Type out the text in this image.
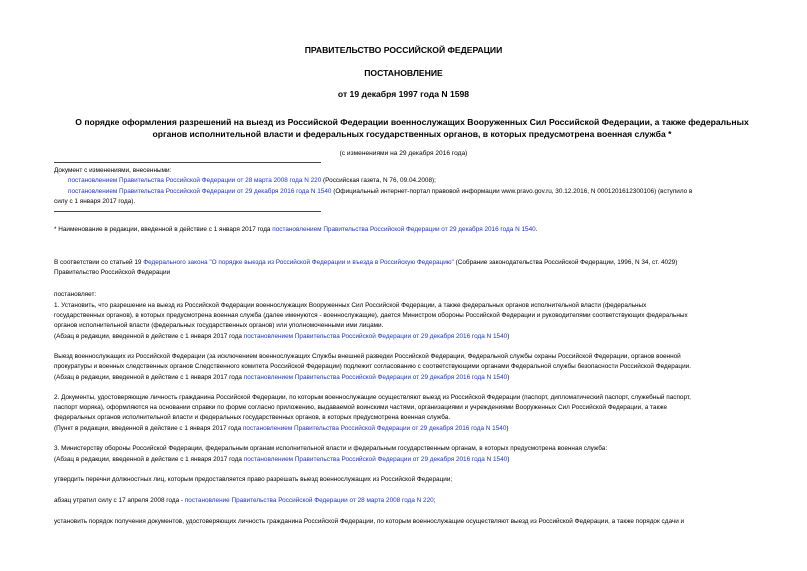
ПРАВИТЕЛЬСТВО РОССИЙСКОЙ ФЕДЕРАЦИИ
ПОСТАНОВЛЕНИЕ
от 19 декабря 1997 года N 1598
О порядке оформления разрешений на выезд из Российской Федерации военнослужащих Вооруженных Сил Российской Федерации, а также федеральных
органов исполнительной власти и федеральных государственных органов, в которых предусмотрена военная служба *
(с изменениями на 29 декабря 2016 года)
Документ с изменениями, внесенными:
постановлением Правительства Российской Федерации от 28 марта 2008 года N 220 (Российская газета, N 76, 09.04.2008);
постановлением Правительства Российской Федерации от 29 декабря 2016 года N 1540 (Официальный интернет-портал правовой информации www.pravo.gov.ru, 30.12.2016, N 0001201612300106) (вступило в
силу с 1 января 2017 года).
* Наименование в редакции, введенной в действие с 1 января 2017 года постановлением Правительства Российской Федерации от 29 декабря 2016 года N 1540.
В соответствии со статьей 19 Федерального закона "О порядке выезда из Российской Федерации и въезда в Российскую Федерацию" (Собрание законодательства Российской Федерации, 1996, N 34, ст. 4029)
Правительство Российской Федерации
постановляет:
1. Установить, что разрешение на выезд из Российской Федерации военнослужащих Вооруженных Сил Российской Федерации, а также федеральных органов исполнительной власти (федеральных
государственных органов), в которых предусмотрена военная служба (далее именуются - военнослужащие), дается Министром обороны Российской Федерации и руководителями соответствующих федеральных
органов исполнительной власти (федеральных государственных органов) или уполномоченными ими лицами.
(Абзац в редакции, введенной в действие с 1 января 2017 года постановлением Правительства Российской Федерации от 29 декабря 2016 года N 1540)
Выезд военнослужащих из Российской Федерации (за исключением военнослужащих Службы внешней разведки Российской Федерации, Федеральной службы охраны Российской Федерации, органов военной
прокуратуры и военных следственных органов Следственного комитета Российской Федерации) подлежит согласованию с соответствующими органами Федеральной службы безопасности Российской Федерации.
(Абзац в редакции, введенной в действие с 1 января 2017 года постановлением Правительства Российской Федерации от 29 декабря 2016 года N 1540)
2. Документы, удостоверяющие личность гражданина Российской Федерации, по которым военнослужащие осуществляют выезд из Российской Федерации (паспорт, дипломатический паспорт, служебный паспорт,
паспорт моряка), оформляются на основании справки по форме согласно приложению, выдаваемой воинскими частями, организациями и учреждениями Вооруженных Сил Российской Федерации, а также
федеральных органов исполнительной власти и федеральных государственных органов, в которых предусмотрена военная служба.
(Пункт в редакции, введенной в действие с 1 января 2017 года постановлением Правительства Российской Федерации от 29 декабря 2016 года N 1540)
3. Министерству обороны Российской Федерации, федеральным органам исполнительной власти и федеральным государственным органам, в которых предусмотрена военная служба:
(Абзац в редакции, введенной в действие с 1 января 2017 года постановлением Правительства Российской Федерации от 29 декабря 2016 года N 1540)
утвердить перечни должностных лиц, которым предоставляется право разрешать выезд военнослужащих из Российской Федерации;
абзац утратил силу с 17 апреля 2008 года - постановление Правительства Российской Федерации от 28 марта 2008 года N 220;
установить порядок получения документов, удостоверяющих личность гражданина Российской Федерации, по которым военнослужащие осуществляют выезд из Российской Федерации, а также порядок сдачи и
